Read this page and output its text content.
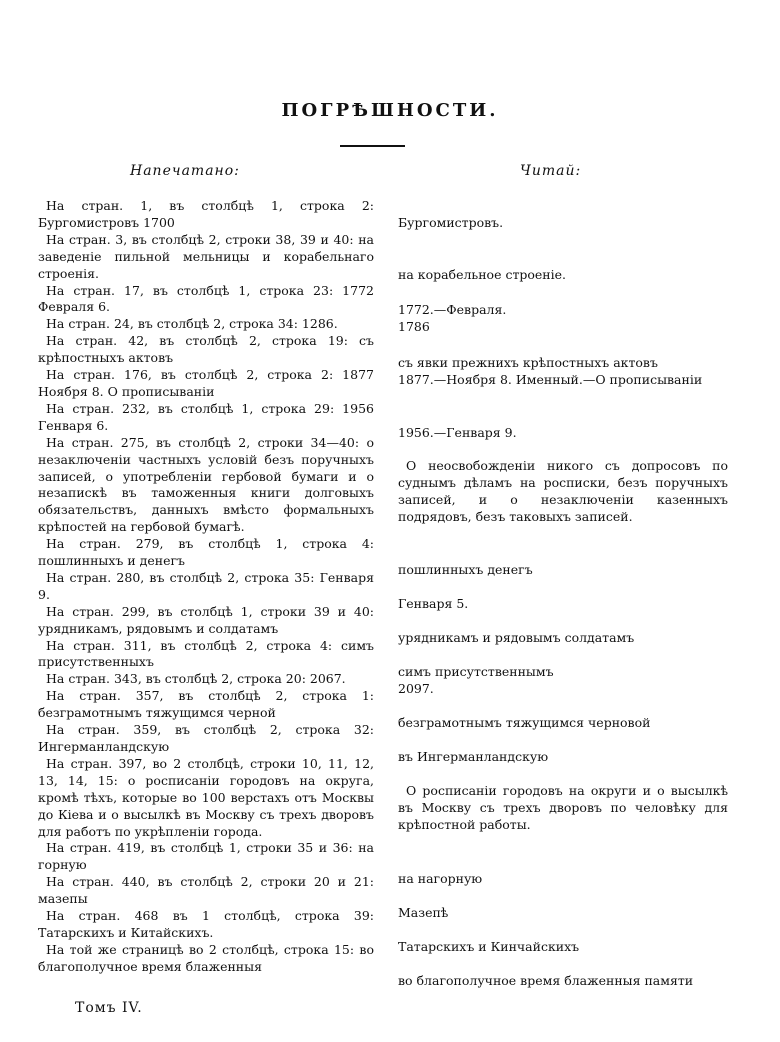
ПОГРѢШНОСТИ.
Напечатано:	Читай:

На стран. 1, въ столбцѣ 1, строка 2: Бургомистровъ 1700

На стран. 3, въ столбцѣ 2, строки 38, 39 и 40: на заведеніе пильной мельницы и корабельнаго строенія.

На стран. 17, въ столбцѣ 1, строка 23: 1772 Февраля 6.

На стран. 24, въ столбцѣ 2, строка 34: 1286.

На стран. 42, въ столбцѣ 2, строка 19: съ крѣпостныхъ актовъ

На стран. 176, въ столбцѣ 2, строка 2: 1877 Ноября 8. О прописываніи

На стран. 232, въ столбцѣ 1, строка 29: 1956 Генваря 6.

На стран. 275, въ столбцѣ 2, строки 34—40: о незаключеніи частныхъ условій безъ поручныхъ записей, о употребленіи гербовой бумаги и о незапискѣ въ таможенныя книги долговыхъ обязательствъ, данныхъ вмѣсто формальныхъ крѣпостей на гербовой бумагѣ.

На стран. 279, въ столбцѣ 1, строка 4: пошлинныхъ и денегъ

На стран. 280, въ столбцѣ 2, строка 35: Генваря 9.

На стран. 299, въ столбцѣ 1, строки 39 и 40: урядникамъ, рядовымъ и солдатамъ

На стран. 311, въ столбцѣ 2, строка 4: симъ присутственныхъ

На стран. 343, въ столбцѣ 2, строка 20: 2067.

На стран. 357, въ столбцѣ 2, строка 1: безграмотнымъ тяжущимся черной

На стран. 359, въ столбцѣ 2, строка 32: Ингерманландскую

На стран. 397, во 2 столбцѣ, строки 10, 11, 12, 13, 14, 15: о росписаніи городовъ на округа, кромѣ тѣхъ, которые во 100 верстахъ отъ Москвы до Кіева и о высылкѣ въ Москву съ трехъ дворовъ для работъ по укрѣпленіи города.

На стран. 419, въ столбцѣ 1, строки 35 и 36: на горную

На стран. 440, въ столбцѣ 2, строки 20 и 21: мазепы

На стран. 468 въ 1 столбцѣ, строка 39: Татарскихъ и Китайскихъ.

На той же страницѣ во 2 столбцѣ, строка 15: во благополучное время блаженныя

Бургомистровъ.
на корабельное строеніе.
1772.—Февраля.
1786
съ явки прежнихъ крѣпостныхъ актовъ
1877.—Ноября 8. Именный.—О прописываніи
1956.—Генваря 9.
О неосвобожденіи никого съ допросовъ по суднымъ дѣламъ на росписки, безъ поручныхъ записей, и о незаключеніи казенныхъ подрядовъ, безъ таковыхъ записей.
пошлинныхъ денегъ
Генваря 5.
урядникамъ и рядовымъ солдатамъ
симъ присутственнымъ
2097.
безграмотнымъ тяжущимся черновой
въ Ингерманландскую
О росписаніи городовъ на округи и о высылкѣ въ Москву съ трехъ дворовъ по человѣку для крѣпостной работы.
на нагорную
Мазепѣ
Татарскихъ и Кинчайскихъ
во благополучное время блаженныя памяти
Томъ IV.
